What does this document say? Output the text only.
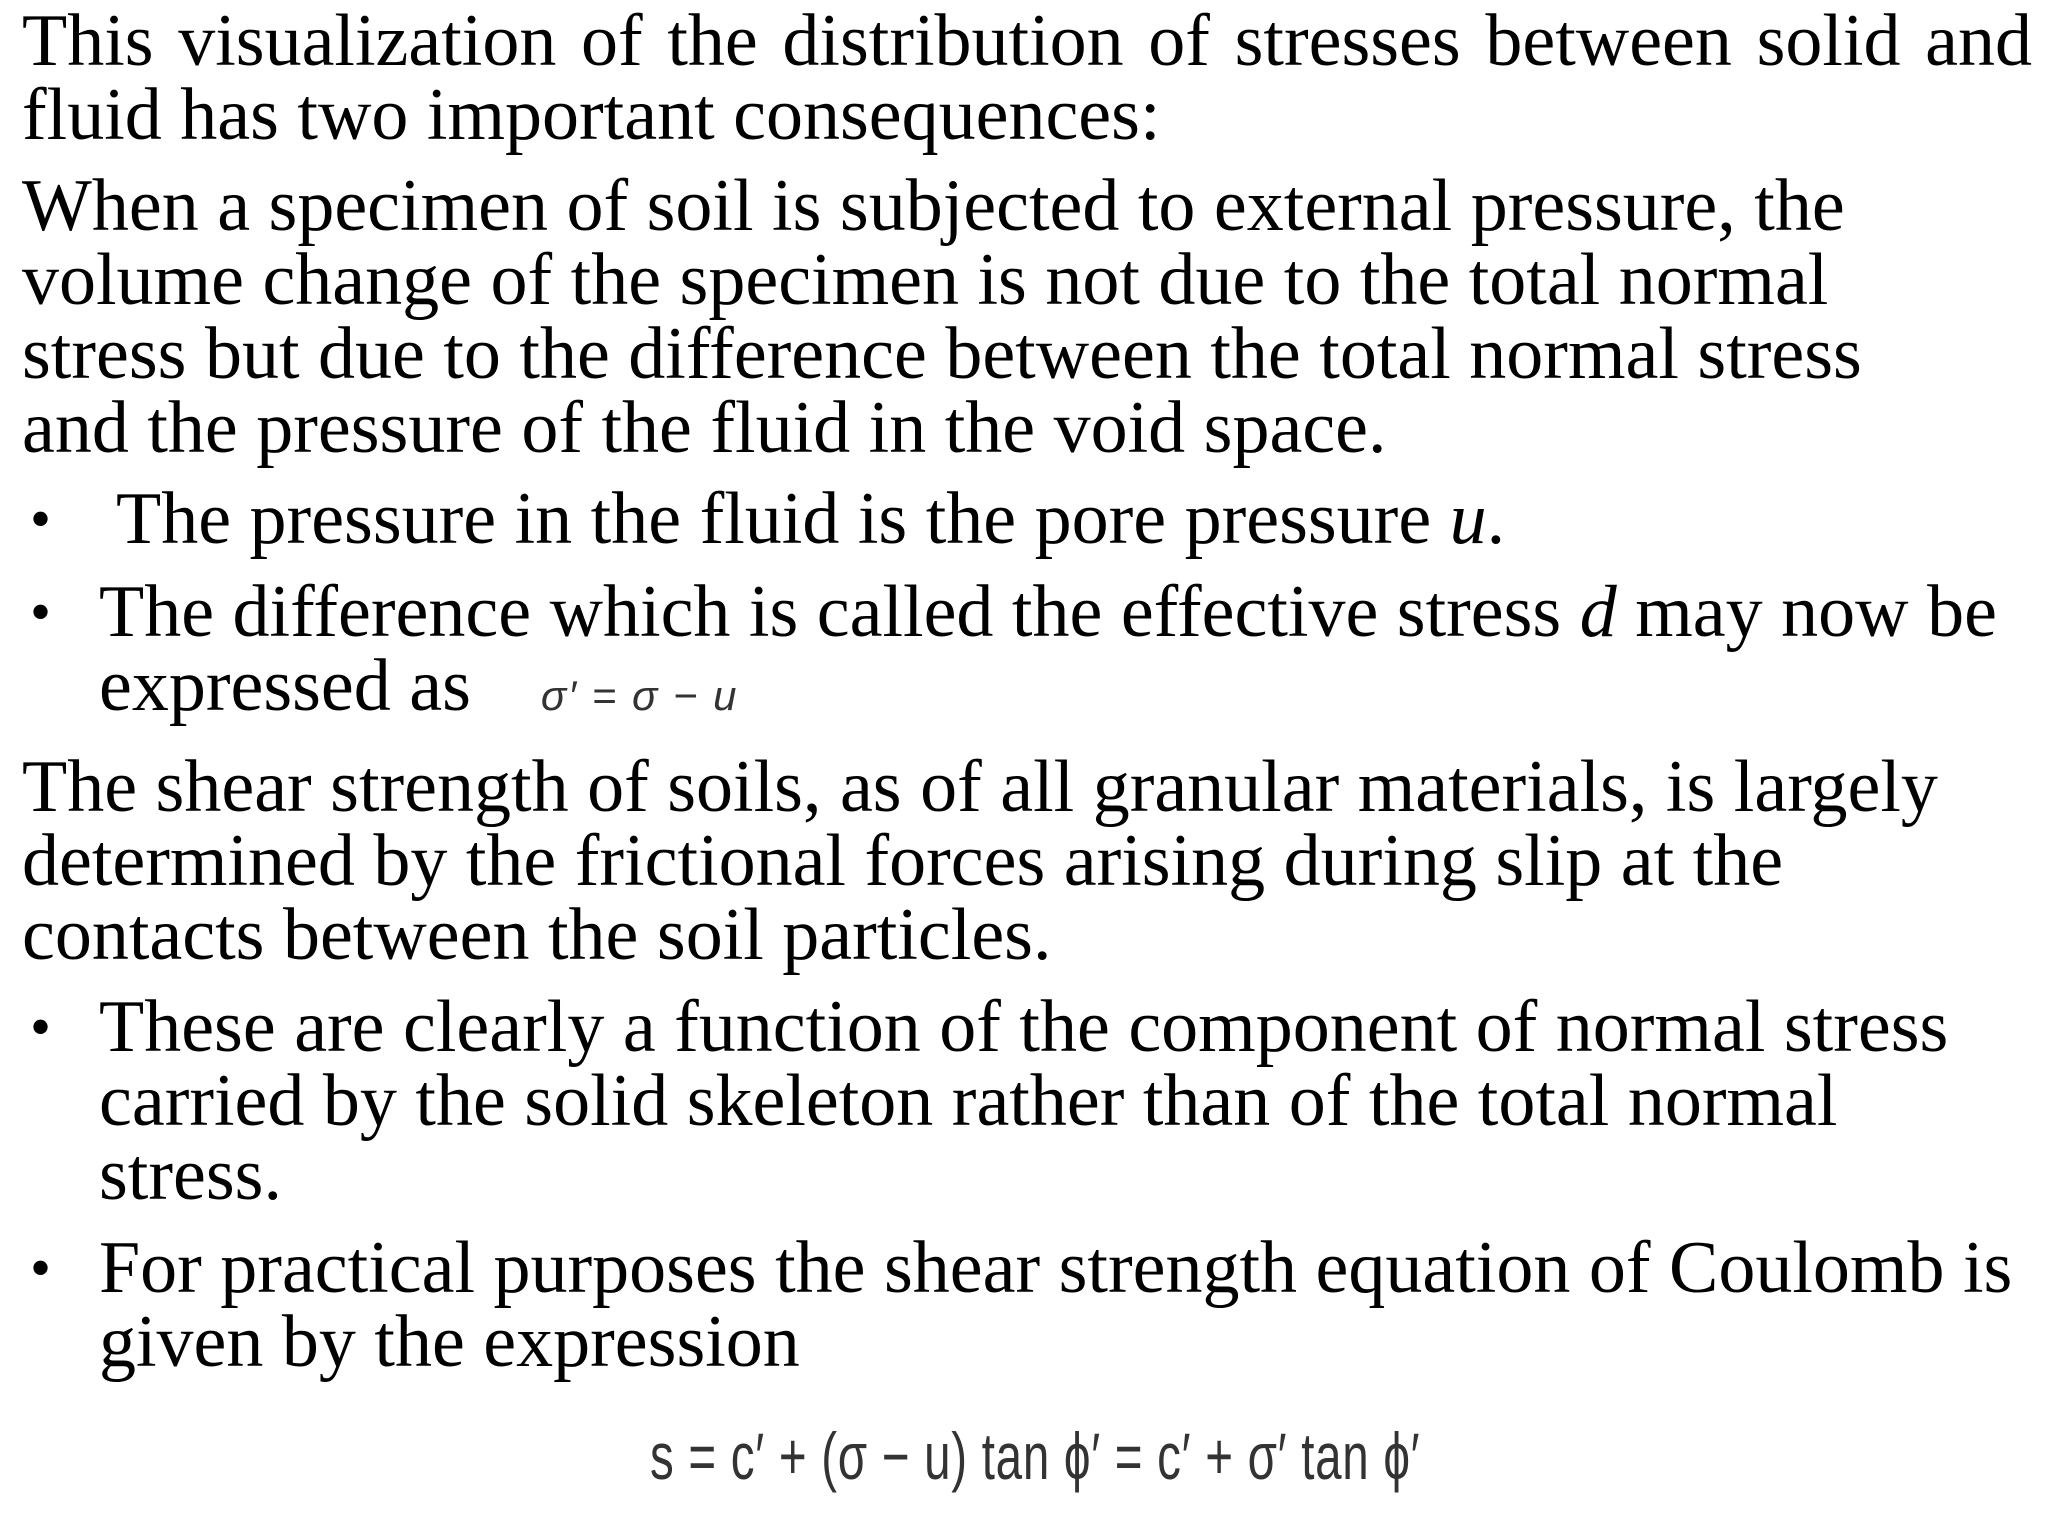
This visualization of the distribution of stresses between solid and fluid has two important consequences:

When a specimen of soil is subjected to external pressure, the volume change of the specimen is not due to the total normal stress but due to the difference between the total normal stress and the pressure of the fluid in the void space.

• The pressure in the fluid is the pore pressure u.
• The difference which is called the effective stress d may now be expressed as σ′ = σ − u

The shear strength of soils, as of all granular materials, is largely determined by the frictional forces arising during slip at the contacts between the soil particles.

• These are clearly a function of the component of normal stress carried by the solid skeleton rather than of the total normal stress.
• For practical purposes the shear strength equation of Coulomb is given by the expression
s = c′ + (σ − u) tan ϕ′ = c′ + σ′ tan ϕ′
